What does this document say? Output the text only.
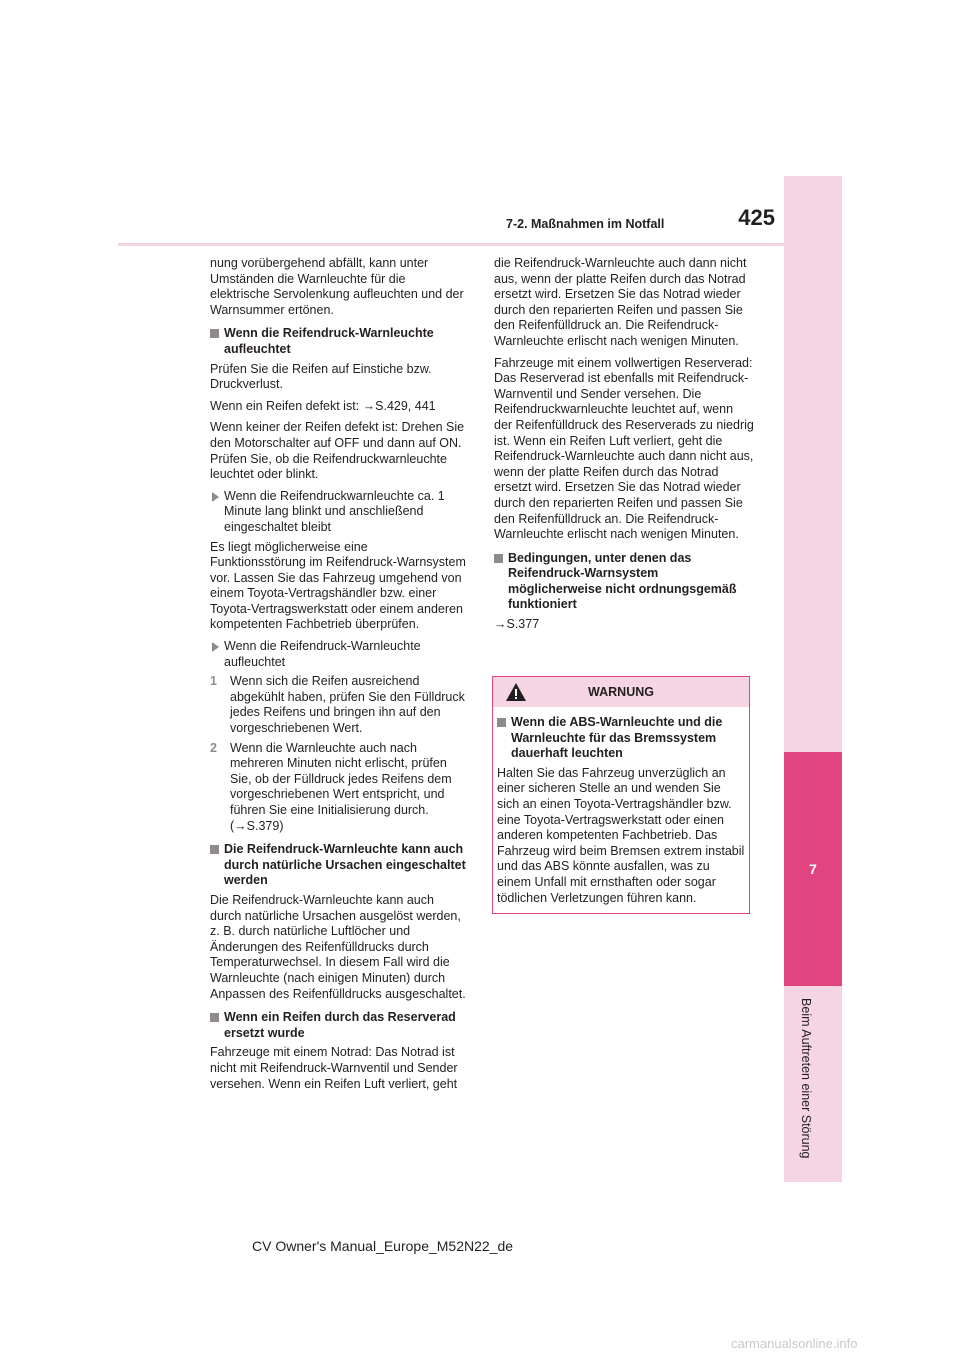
7
Beim Auftreten einer Störung
425
7-2. Maßnahmen im Notfall

nung vorübergehend abfällt, kann unter Umständen die Warnleuchte für die elektrische Servolenkung aufleuchten und der Warnsummer ertönen.

Wenn die Reifendruck-Warnleuchte aufleuchtet

Prüfen Sie die Reifen auf Einstiche bzw. Druckverlust.

Wenn ein Reifen defekt ist: →S.429, 441

Wenn keiner der Reifen defekt ist: Drehen Sie den Motorschalter auf OFF und dann auf ON. Prüfen Sie, ob die Reifendruckwarnleuchte leuchtet oder blinkt.

Wenn die Reifendruckwarnleuchte ca. 1 Minute lang blinkt und anschließend eingeschaltet bleibt

Es liegt möglicherweise eine Funktionsstörung im Reifendruck-Warnsystem vor. Lassen Sie das Fahrzeug umgehend von einem Toyota-Vertragshändler bzw. einer Toyota-Vertragswerkstatt oder einem anderen kompetenten Fachbetrieb überprüfen.

Wenn die Reifendruck-Warnleuchte aufleuchtet
1 Wenn sich die Reifen ausreichend abgekühlt haben, prüfen Sie den Fülldruck jedes Reifens und bringen ihn auf den vorgeschriebenen Wert.
2 Wenn die Warnleuchte auch nach mehreren Minuten nicht erlischt, prüfen Sie, ob der Fülldruck jedes Reifens dem vorgeschriebenen Wert entspricht, und führen Sie eine Initialisierung durch. (→S.379)
Die Reifendruck-Warnleuchte kann auch durch natürliche Ursachen eingeschaltet werden

Die Reifendruck-Warnleuchte kann auch durch natürliche Ursachen ausgelöst werden, z. B. durch natürliche Luftlöcher und Änderungen des Reifenfülldrucks durch Temperaturwechsel. In diesem Fall wird die Warnleuchte (nach einigen Minuten) durch Anpassen des Reifenfülldrucks ausgeschaltet.

Wenn ein Reifen durch das Reserverad ersetzt wurde

Fahrzeuge mit einem Notrad: Das Notrad ist nicht mit Reifendruck-Warnventil und Sender versehen. Wenn ein Reifen Luft verliert, geht

die Reifendruck-Warnleuchte auch dann nicht aus, wenn der platte Reifen durch das Notrad ersetzt wird. Ersetzen Sie das Notrad wieder durch den reparierten Reifen und passen Sie den Reifenfülldruck an. Die Reifendruck-Warnleuchte erlischt nach wenigen Minuten.

Fahrzeuge mit einem vollwertigen Reserverad: Das Reserverad ist ebenfalls mit Reifendruck-Warnventil und Sender versehen. Die Reifendruckwarnleuchte leuchtet auf, wenn der Reifenfülldruck des Reserverads zu niedrig ist. Wenn ein Reifen Luft verliert, geht die Reifendruck-Warnleuchte auch dann nicht aus, wenn der platte Reifen durch das Notrad ersetzt wird. Ersetzen Sie das Notrad wieder durch den reparierten Reifen und passen Sie den Reifenfülldruck an. Die Reifendruck-Warnleuchte erlischt nach wenigen Minuten.

Bedingungen, unter denen das Reifendruck-Warnsystem möglicherweise nicht ordnungsgemäß funktioniert

→S.377

WARNUNG
Wenn die ABS-Warnleuchte und die Warnleuchte für das Bremssystem dauerhaft leuchten

Halten Sie das Fahrzeug unverzüglich an einer sicheren Stelle an und wenden Sie sich an einen Toyota-Vertragshändler bzw. eine Toyota-Vertragswerkstatt oder einen anderen kompetenten Fachbetrieb. Das Fahrzeug wird beim Bremsen extrem instabil und das ABS könnte ausfallen, was zu einem Unfall mit ernsthaften oder sogar tödlichen Verletzungen führen kann.

CV Owner's Manual_Europe_M52N22_de
carmanualsonline.info
